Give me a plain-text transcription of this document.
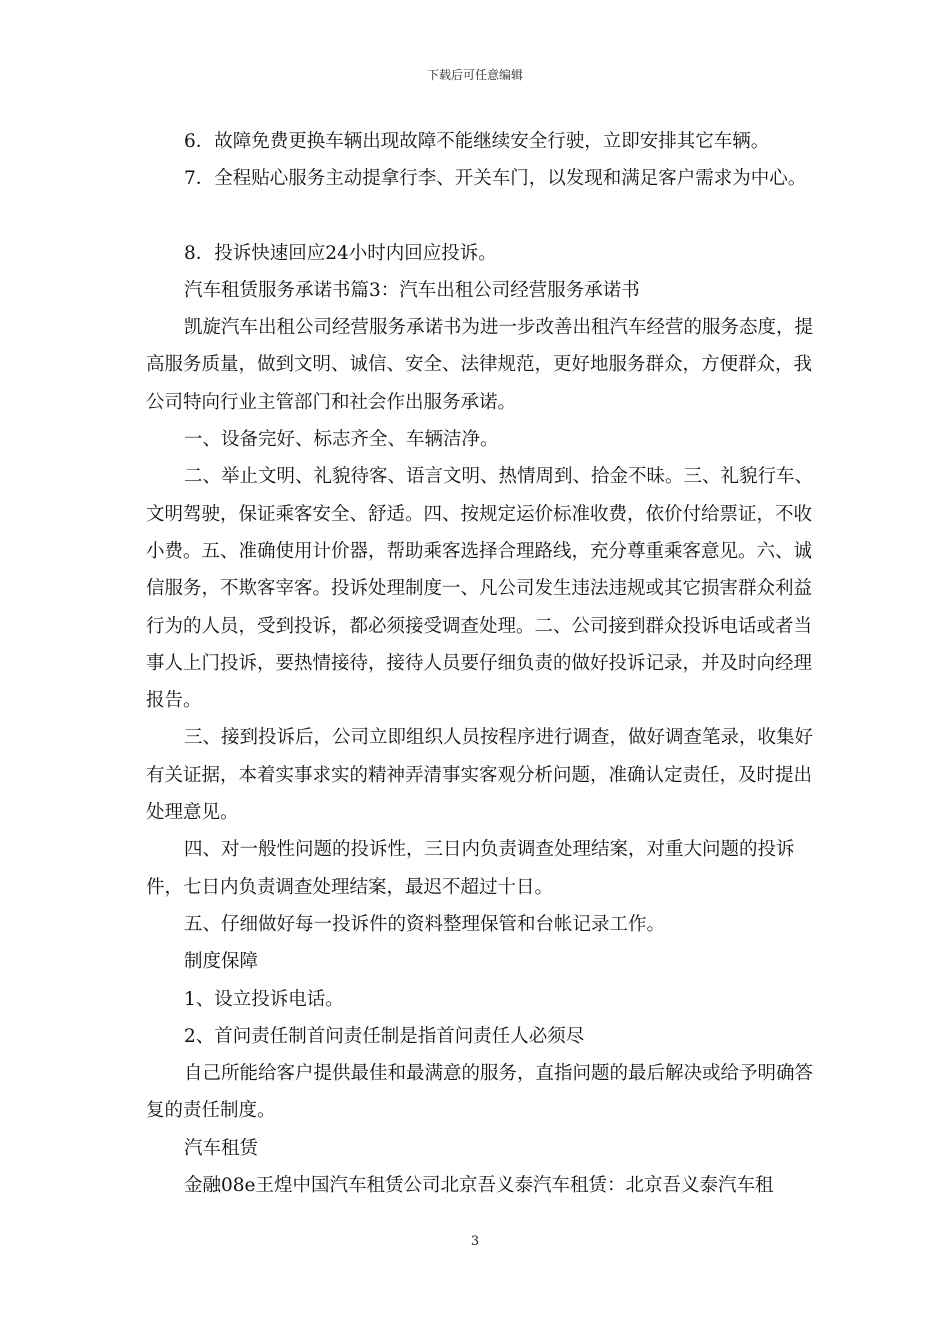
下载后可任意编辑

6．故障免费更换车辆出现故障不能继续安全行驶，立即安排其它车辆。

7．全程贴心服务主动提拿行李、开关车门，以发现和满足客户需求为中心。

8．投诉快速回应24小时内回应投诉。

汽车租赁服务承诺书篇3：汽车出租公司经营服务承诺书

凯旋汽车出租公司经营服务承诺书为进一步改善出租汽车经营的服务态度，提高服务质量，做到文明、诚信、安全、法律规范，更好地服务群众，方便群众，我公司特向行业主管部门和社会作出服务承诺。

一、设备完好、标志齐全、车辆洁净。

二、举止文明、礼貌待客、语言文明、热情周到、拾金不昧。三、礼貌行车、文明驾驶，保证乘客安全、舒适。四、按规定运价标准收费，依价付给票证，不收小费。五、准确使用计价器，帮助乘客选择合理路线，充分尊重乘客意见。六、诚信服务，不欺客宰客。投诉处理制度一、凡公司发生违法违规或其它损害群众利益行为的人员，受到投诉，都必须接受调查处理。二、公司接到群众投诉电话或者当事人上门投诉，要热情接待，接待人员要仔细负责的做好投诉记录，并及时向经理报告。

三、接到投诉后，公司立即组织人员按程序进行调查，做好调查笔录，收集好有关证据，本着实事求实的精神弄清事实客观分析问题，准确认定责任，及时提出处理意见。

四、对一般性问题的投诉性，三日内负责调查处理结案，对重大问题的投诉件，七日内负责调查处理结案，最迟不超过十日。

五、仔细做好每一投诉件的资料整理保管和台帐记录工作。

制度保障

1、设立投诉电话。

2、首问责任制首问责任制是指首问责任人必须尽

自己所能给客户提供最佳和最满意的服务，直指问题的最后解决或给予明确答复的责任制度。

汽车租赁

金融08e王煌中国汽车租赁公司北京吾义泰汽车租赁：北京吾义泰汽车租

3
